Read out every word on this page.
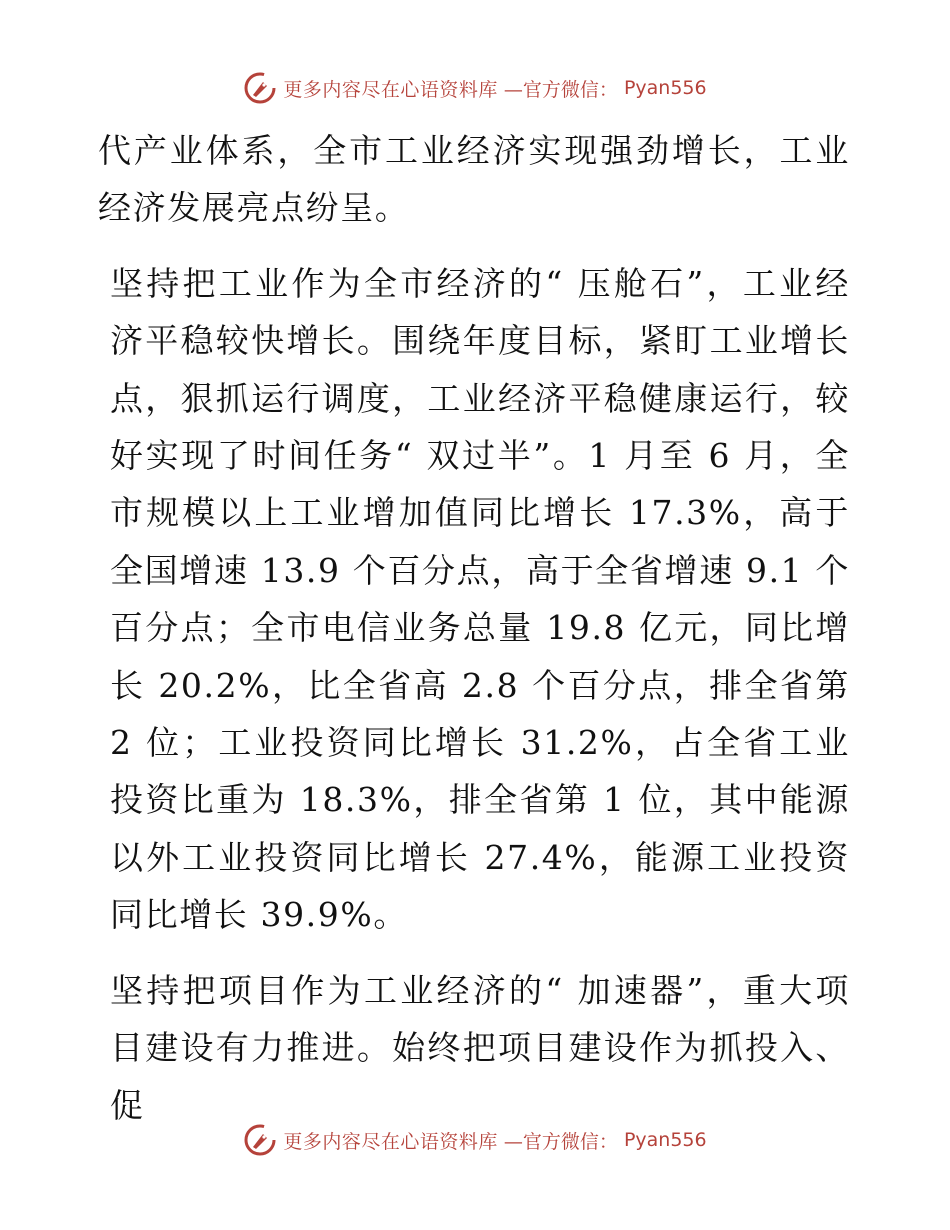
更多内容尽在心语资料库 —官方微信： Pyan556

代产业体系，全市工业经济实现强劲增长，工业经济发展亮点纷呈。

坚持把工业作为全市经济的“ 压舱石”，工业经济平稳较快增长。围绕年度目标，紧盯工业增长点，狠抓运行调度，工业经济平稳健康运行，较好实现了时间任务“ 双过半”。1 月至 6 月，全市规模以上工业增加值同比增长 17.3%，高于全国增速 13.9 个百分点，高于全省增速 9.1 个百分点；全市电信业务总量 19.8 亿元，同比增长 20.2%，比全省高 2.8 个百分点，排全省第 2 位；工业投资同比增长 31.2%，占全省工业投资比重为 18.3%，排全省第 1 位，其中能源以外工业投资同比增长 27.4%，能源工业投资同比增长 39.9%。

坚持把项目作为工业经济的“ 加速器”，重大项目建设有力推进。始终把项目建设作为抓投入、促

更多内容尽在心语资料库 —官方微信： Pyan556
